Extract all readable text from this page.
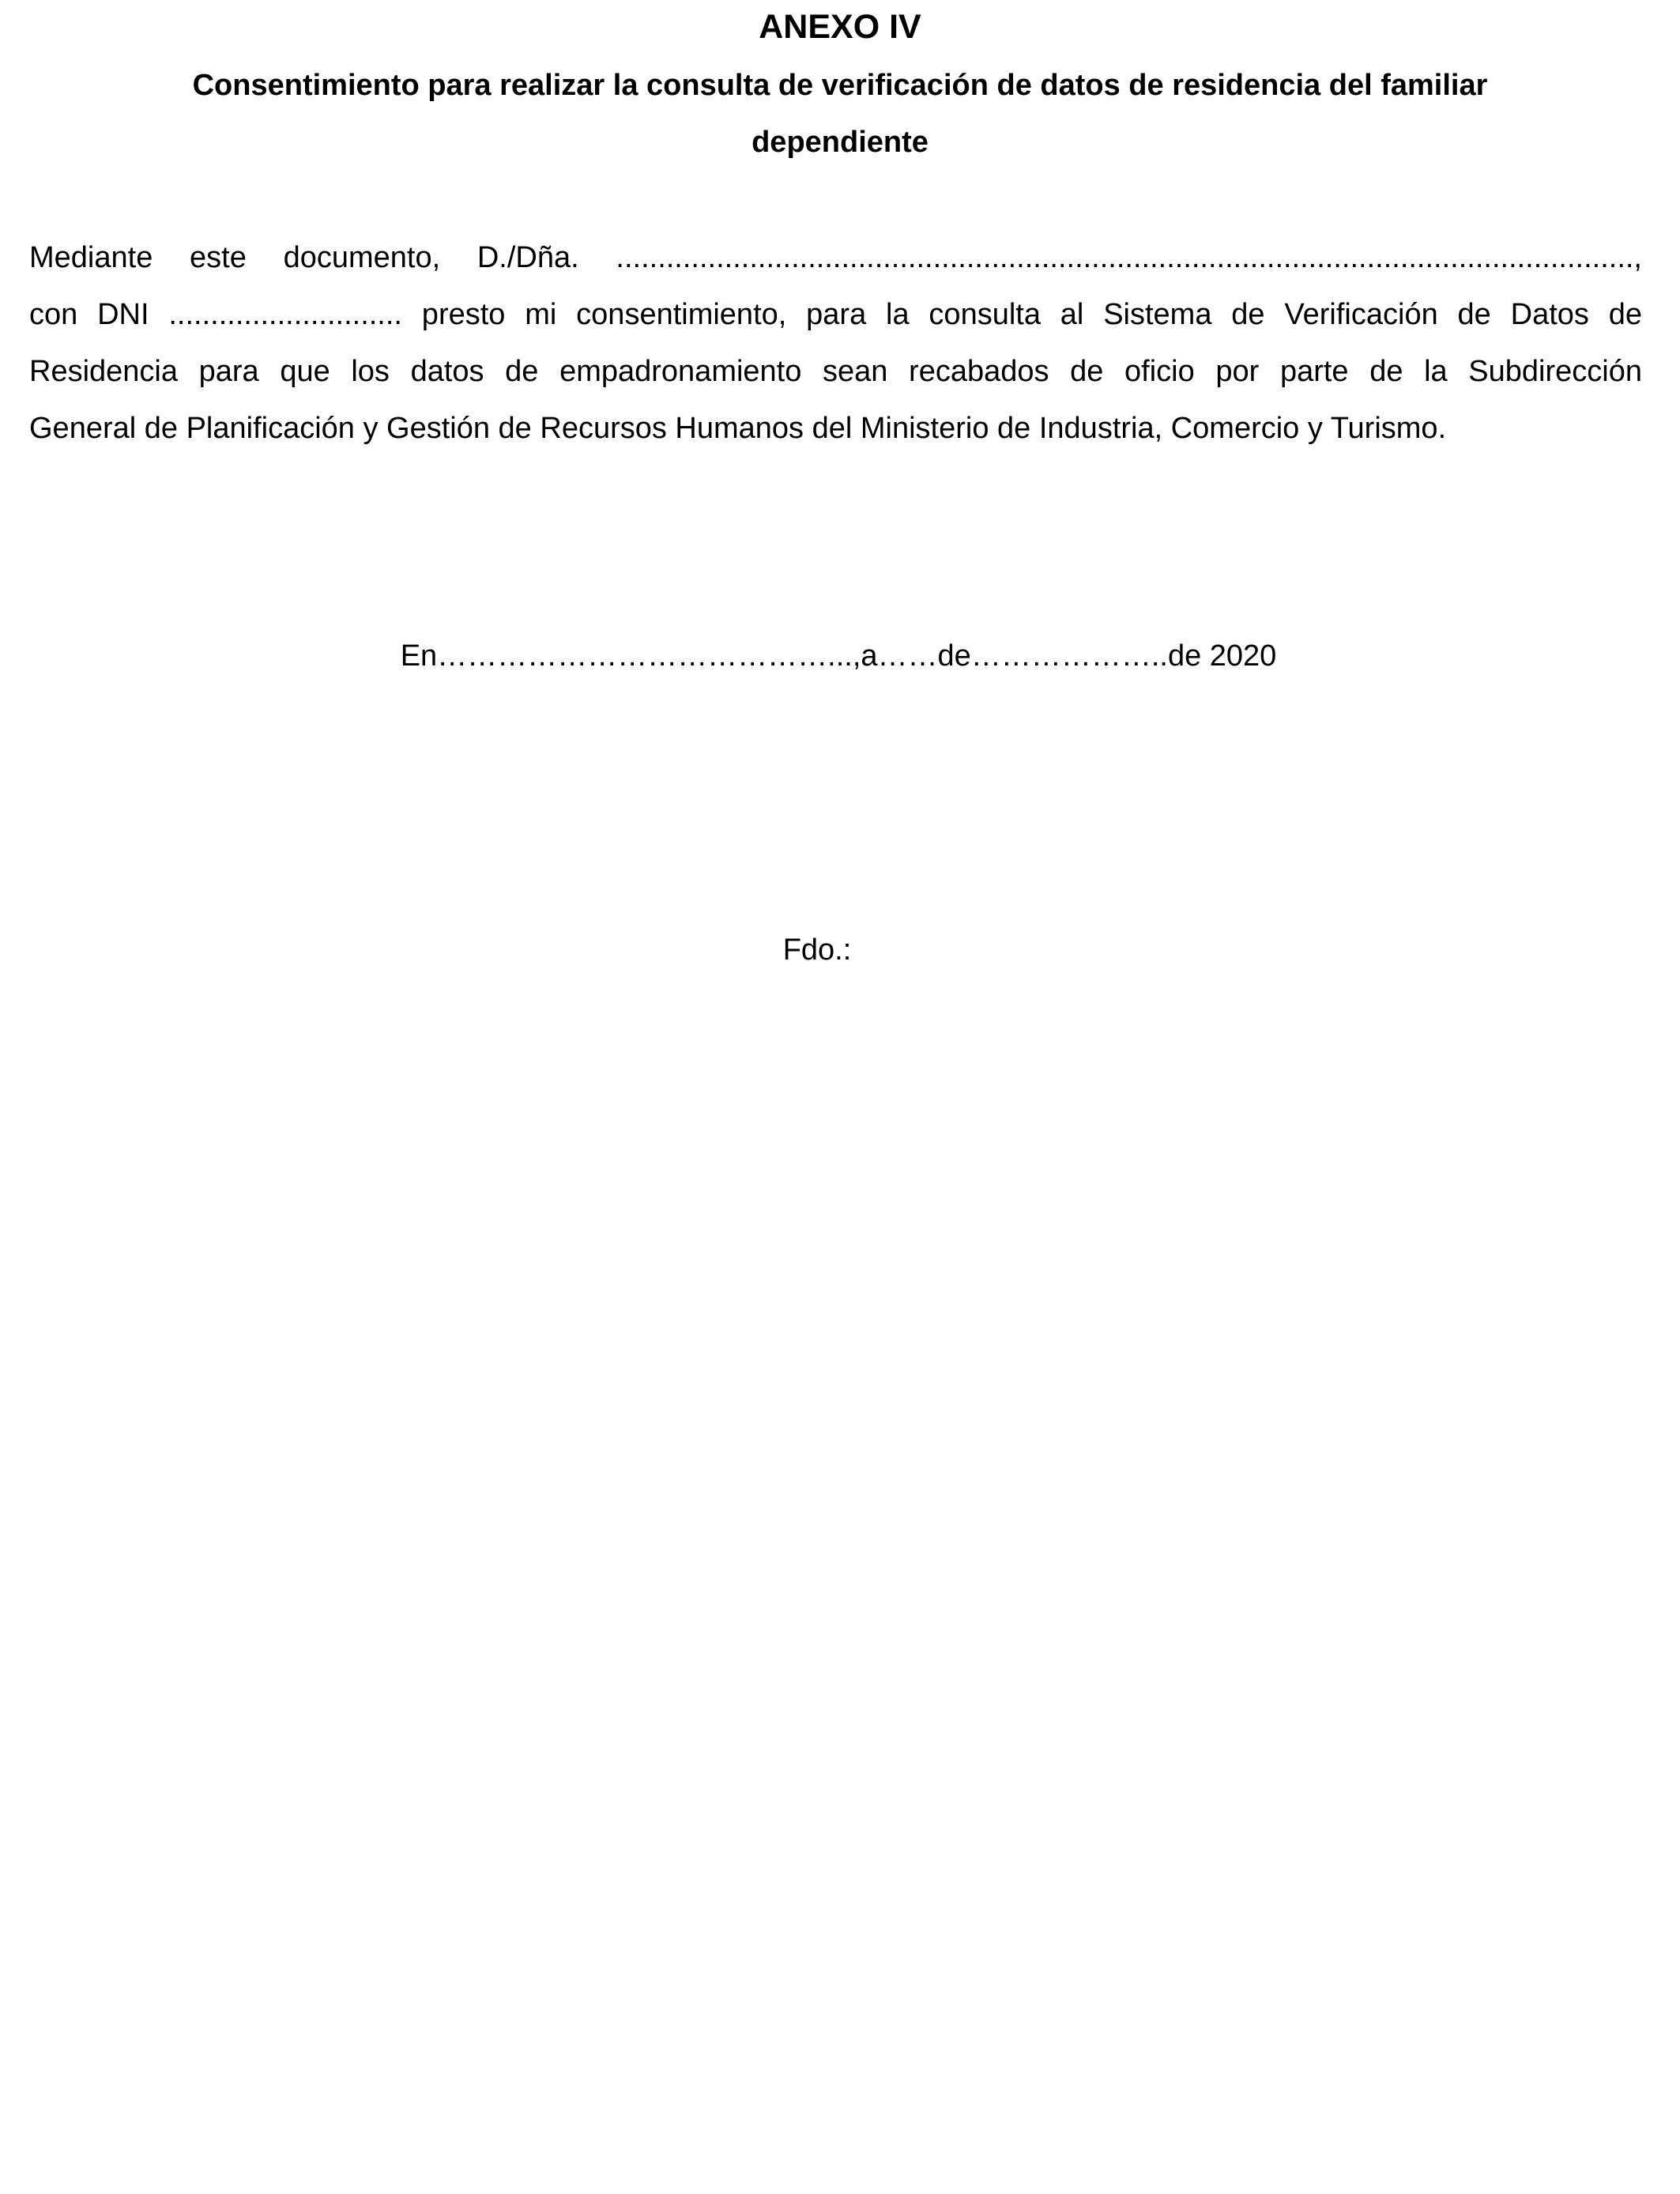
ANEXO IV
Consentimiento para realizar la consulta de verificación de datos de residencia del familiar
dependiente
Mediante este documento, D./Dña. ..........................................................................................................................,
con DNI ............................ presto mi consentimiento, para la consulta al Sistema de Verificación de Datos de
Residencia para que los datos de empadronamiento sean recabados de oficio por parte de la Subdirección
General de Planificación y Gestión de Recursos Humanos del Ministerio de Industria, Comercio y Turismo.
En…………………………………...,a……de………………..de 2020
Fdo.:
